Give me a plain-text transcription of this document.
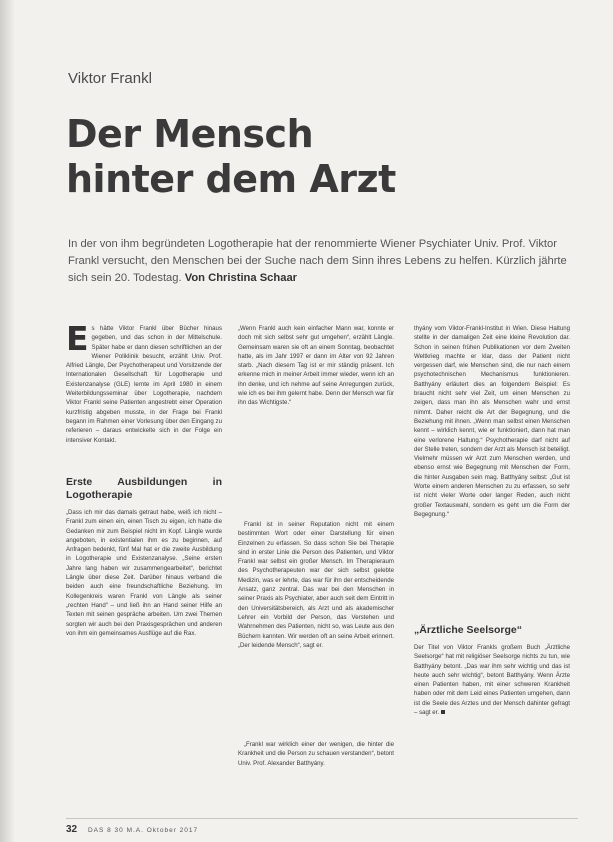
Viktor Frankl
Der Mensch
hinter dem Arzt
In der von ihm begründeten Logotherapie hat der renommierte Wiener Psychiater Univ. Prof. Viktor Frankl versucht, den Menschen bei der Suche nach dem Sinn ihres Lebens zu helfen. Kürzlich jährte sich sein 20. Todestag. Von Christina Schaar

Es hätte Viktor Frankl über Bücher hinaus gegeben, und das schon in der Mittelschule. Später habe er dann diesen schriftlichen an der Wiener Poliklinik besucht, erzählt Univ. Prof. Alfried Längle, Der Psychotherapeut und Vorsitzende der Internationalen Gesellschaft für Logotherapie und Existenzanalyse (GLE) lernte im April 1980 in einem Weiterbildungsseminar über Logotherapie, nachdem Viktor Frankl seine Patienten angestrebt einer Operation kurzfristig abgeben musste, in der Frage bei Frankl begann im Rahmen einer Vorlesung über den Eingang zu referieren – daraus entwickelte sich in der Folge ein intensiver Kontakt.

Erste Ausbildungen in Logotherapie

„Dass ich mir das damals getraut habe, weiß ich nicht – Frankl zum einen ein, einen Tisch zu eigen, ich hatte die Gedanken mir zum Beispiel nicht im Kopf. Längle wurde angeboten, in existentialen ihm es zu beginnen, auf Anfragen bedenkt, fünf Mal hat er die zweite Ausbildung in Logotherapie und Existenzanalyse. „Seine ersten Jahre lang haben wir zusammengearbeitet“, berichtet Längle über diese Zeit. Darüber hinaus verband die beiden auch eine freundschaftliche Beziehung. Im Kollegenkreis waren Frankl von Längle als seiner „rechten Hand“ – und ließ ihn an Hand seiner Hilfe an Texten mit seinen gespräche arbeiten. Um zwei Themen sorgten wir auch bei den Praxisgesprächen und anderen von ihm ein gemeinsames Ausflüge auf die Rax.

„Wenn Frankl auch kein einfacher Mann war, konnte er doch mit sich selbst sehr gut umgehen“, erzählt Längle. Gemeinsam waren sie oft an einem Sonntag, beobachtet hatte, als im Jahr 1997 er dann im Alter von 92 Jahren starb. „Nach diesem Tag ist er mir ständig präsent. Ich erkenne mich in meiner Arbeit immer wieder, wenn ich an ihn denke, und ich nehme auf seine Anregungen zurück, wie ich es bei ihm gelernt habe. Denn der Mensch war für ihn das Wichtigste.“

Frankl ist in seiner Reputation nicht mit einem bestimmten Wort oder einer Darstellung für einen Einzelnen zu erfassen. So dass schon Sie bei Therapie sind in erster Linie die Person des Patienten, und Viktor Frankl war selbst ein großer Mensch. Im Therapieraum des Psychotherapeuten war der sich selbst gelebte Medizin, was er lehrte, das war für ihn der entscheidende Ansatz, ganz zentral. Das war bei den Menschen in seiner Praxis als Psychiater, aber auch seit dem Eintritt in den Universitätsbereich, als Arzt und als akademischer Lehrer ein Vorbild der Person, das Verstehen und Wahrnehmen des Patienten, nicht so, was Leute aus den Büchern kannten. Wir werden oft an seine Arbeit erinnert. „Der leidende Mensch“, sagt er.

„Frankl war wirklich einer der wenigen, die hinter die Krankheit und die Person zu schauen verstanden“, betont Univ. Prof. Alexander Batthyány.

thyány vom Viktor-Frankl-Institut in Wien. Diese Haltung stellte in der damaligen Zeit eine kleine Revolution dar. Schon in seinen frühen Publikationen vor dem Zweiten Weltkrieg machte er klar, dass der Patient nicht vergessen darf, wie Menschen sind, die nur nach einem psychotechnischen Mechanismus funktionieren. Batthyány erläutert dies an folgendem Beispiel: Es braucht nicht sehr viel Zeit, um einen Menschen zu zeigen, dass man ihn als Menschen wahr und ernst nimmt. Daher reicht die Art der Begegnung, und die Beziehung mit ihnen. „Wenn man selbst einen Menschen kennt – wirklich kennt, wie er funktioniert, dann hat man eine verlorene Haltung.“ Psychotherapie darf nicht auf der Stelle treten, sondern der Arzt als Mensch ist beteiligt. Vielmehr müssen wir Arzt zum Menschen werden, und ebenso ernst wie Begegnung mit Menschen der Form, die hinter Ausgaben sein mag. Batthyány selbst: „Gut ist Worte einem anderen Menschen zu zu erfassen, so sehr ist nicht vieler Worte oder langer Reden, auch nicht großer Textauswahl, sondern es geht um die Form der Begegnung.“

„Ärztliche Seelsorge“

Der Titel von Viktor Frankls großem Buch „Ärztliche Seelsorge“ hat mit religiöser Seelsorge nichts zu tun, wie Batthyány betont. „Das war ihm sehr wichtig und das ist heute auch sehr wichtig“, betont Batthyány. Wenn Ärzte einen Patienten haben, mit einer schweren Krankheit haben oder mit dem Leid eines Patienten umgehen, dann ist die Seele des Arztes und der Mensch dahinter gefragt – sagt er.

32 DAS 8 30 M.A. Oktober 2017
